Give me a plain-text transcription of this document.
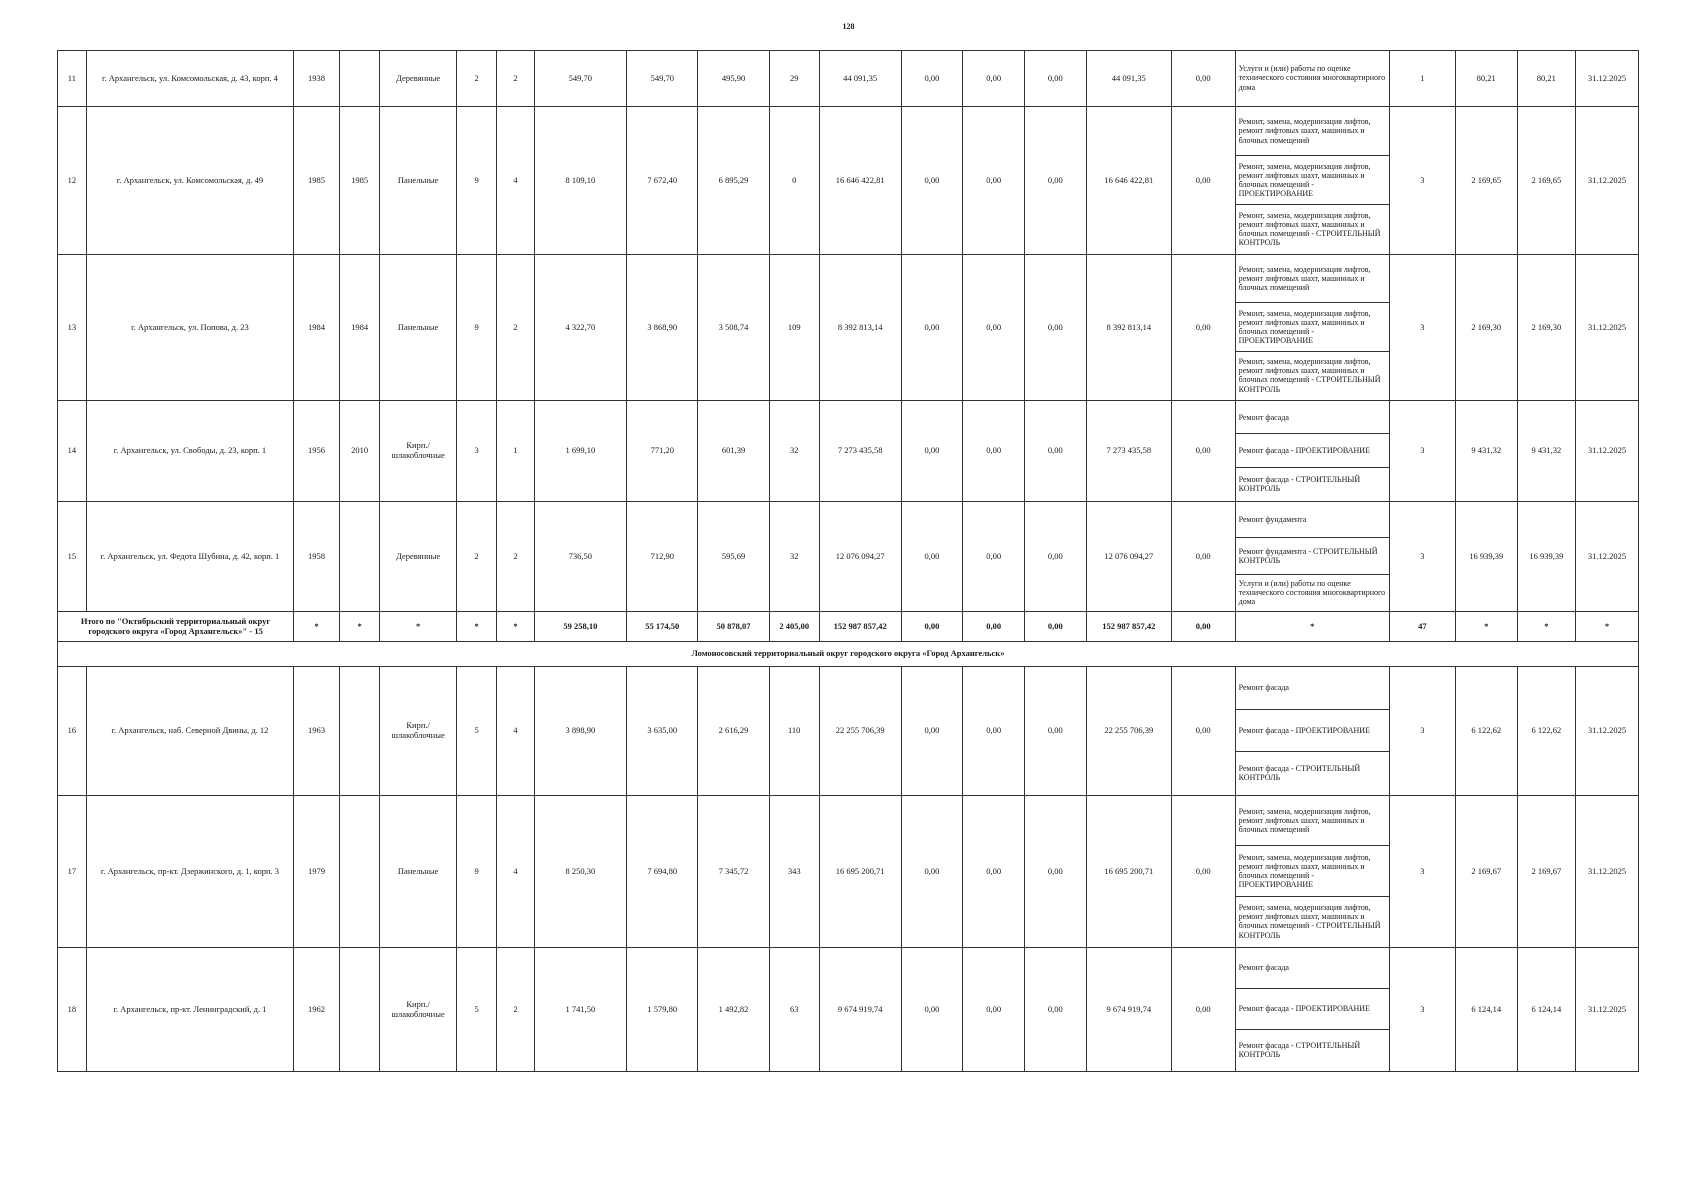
128
11	г. Архангельск, ул. Комсомольская, д. 43, корп. 4	1938		Деревянные	2	2	549,70	549,70	495,90	29	44 091,35	0,00	0,00	0,00	44 091,35	0,00	Услуги и (или) работы по оценке технического состояния многоквартирного дома	1	80,21	80,21	31.12.2025
12	г. Архангельск, ул. Комсомольская, д. 49	1985	1985	Панельные	9	4	8 109,10	7 672,40	6 895,29	0	16 646 422,81	0,00	0,00	0,00	16 646 422,81	0,00	Ремонт, замена, модернизация лифтов, ремонт лифтовых шахт, машинных и блочных помещений
Ремонт, замена, модернизация лифтов, ремонт лифтовых шахт, машинных и блочных помещений - ПРОЕКТИРОВАНИЕ
Ремонт, замена, модернизация лифтов, ремонт лифтовых шахт, машинных и блочных помещений - СТРОИТЕЛЬНЫЙ КОНТРОЛЬ	3	2 169,65	2 169,65	31.12.2025
13	г. Архангельск, ул. Попова, д. 23	1984	1984	Панельные	9	2	4 322,70	3 868,90	3 508,74	109	8 392 813,14	0,00	0,00	0,00	8 392 813,14	0,00	Ремонт, замена, модернизация лифтов, ремонт лифтовых шахт, машинных и блочных помещений
Ремонт, замена, модернизация лифтов, ремонт лифтовых шахт, машинных и блочных помещений - ПРОЕКТИРОВАНИЕ
Ремонт, замена, модернизация лифтов, ремонт лифтовых шахт, машинных и блочных помещений - СТРОИТЕЛЬНЫЙ КОНТРОЛЬ	3	2 169,30	2 169,30	31.12.2025
14	г. Архангельск, ул. Свободы, д. 23, корп. 1	1956	2010	Кирп./шлакоблочные	3	1	1 699,10	771,20	601,39	32	7 273 435,58	0,00	0,00	0,00	7 273 435,58	0,00	Ремонт фасада
Ремонт фасада - ПРОЕКТИРОВАНИЕ
Ремонт фасада - СТРОИТЕЛЬНЫЙ КОНТРОЛЬ	3	9 431,32	9 431,32	31.12.2025
15	г. Архангельск, ул. Федота Шубина, д. 42, корп. 1	1958		Деревянные	2	2	736,50	712,90	595,69	32	12 076 094,27	0,00	0,00	0,00	12 076 094,27	0,00	Ремонт фундамента
Ремонт фундамента - СТРОИТЕЛЬНЫЙ КОНТРОЛЬ
Услуги и (или) работы по оценке технического состояния многоквартирного дома	3	16 939,39	16 939,39	31.12.2025
Итого по "Октябрьский территориальный округ городского округа «Город Архангельск»" - 15		*	*	*	*	*	59 258,10	55 174,50	50 878,07	2 405,00	152 987 857,42	0,00	0,00	0,00	152 987 857,42	0,00	*	47	*	*	*
Ломоносовский территориальный округ городского округа «Город Архангельск»																					
16	г. Архангельск, наб. Северной Двины, д. 12	1963		Кирп./шлакоблочные	5	4	3 898,90	3 635,00	2 616,29	110	22 255 706,39	0,00	0,00	0,00	22 255 706,39	0,00	Ремонт фасада
Ремонт фасада - ПРОЕКТИРОВАНИЕ
Ремонт фасада - СТРОИТЕЛЬНЫЙ КОНТРОЛЬ	3	6 122,62	6 122,62	31.12.2025
17	г. Архангельск, пр-кт. Дзержинского, д. 1, корп. 3	1979		Панельные	9	4	8 250,30	7 694,80	7 345,72	343	16 695 200,71	0,00	0,00	0,00	16 695 200,71	0,00	Ремонт, замена, модернизация лифтов, ремонт лифтовых шахт, машинных и блочных помещений
Ремонт, замена, модернизация лифтов, ремонт лифтовых шахт, машинных и блочных помещений - ПРОЕКТИРОВАНИЕ
Ремонт, замена, модернизация лифтов, ремонт лифтовых шахт, машинных и блочных помещений - СТРОИТЕЛЬНЫЙ КОНТРОЛЬ	3	2 169,67	2 169,67	31.12.2025
18	г. Архангельск, пр-кт. Ленинградский, д. 1	1962		Кирп./шлакоблочные	5	2	1 741,50	1 579,80	1 492,82	63	9 674 919,74	0,00	0,00	0,00	9 674 919,74	0,00	Ремонт фасада
Ремонт фасада - ПРОЕКТИРОВАНИЕ
Ремонт фасада - СТРОИТЕЛЬНЫЙ КОНТРОЛЬ	3	6 124,14	6 124,14	31.12.2025
